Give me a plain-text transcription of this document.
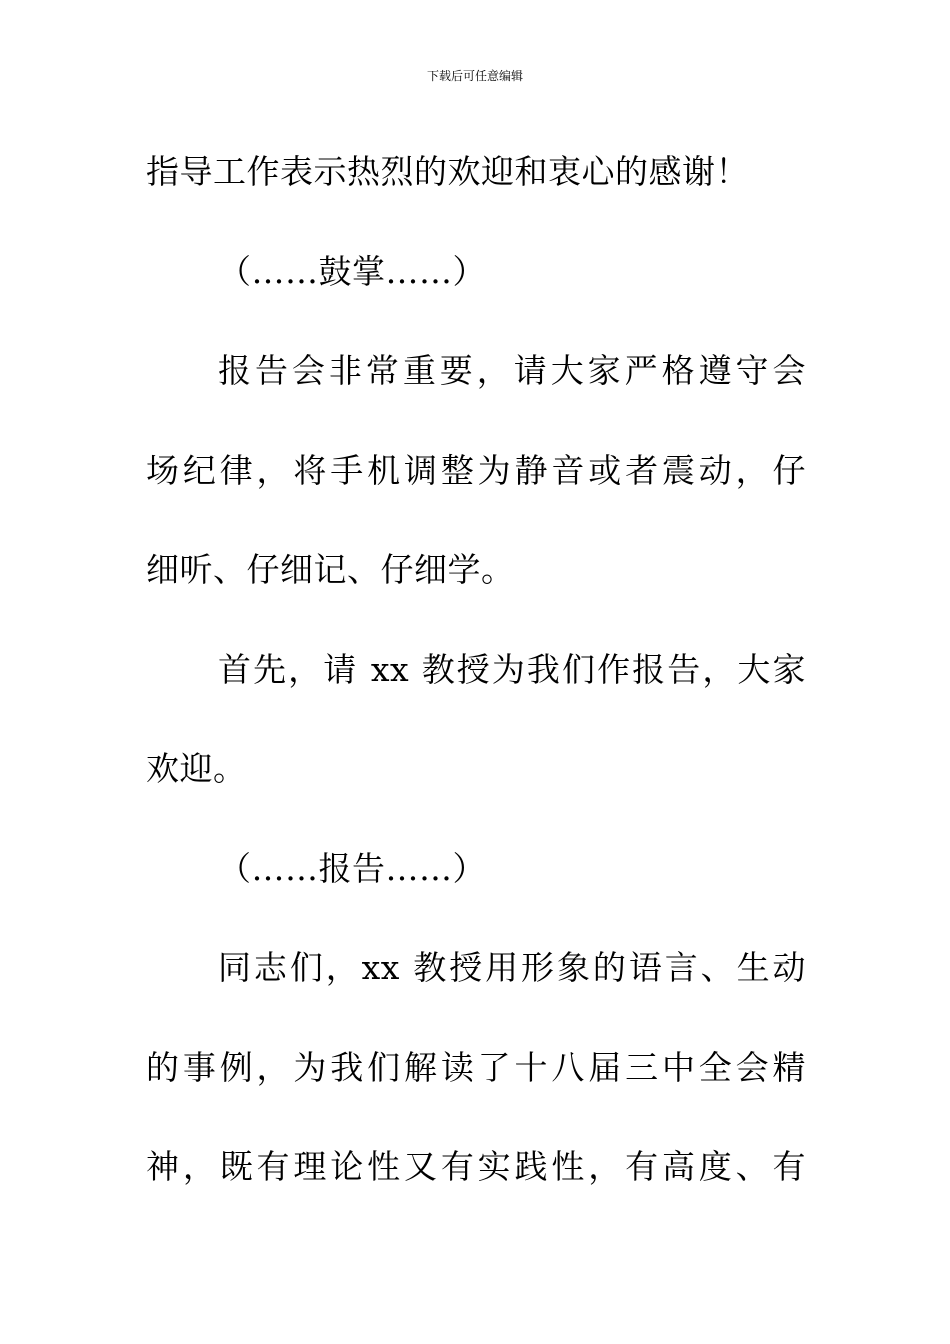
下载后可任意编辑
指导工作表示热烈的欢迎和衷心的感谢！
（……鼓掌……）
报告会非常重要，请大家严格遵守会
场纪律，将手机调整为静音或者震动，仔
细听、仔细记、仔细学。
首先，请 xx 教授为我们作报告，大家
欢迎。
（……报告……）
同志们，xx 教授用形象的语言、生动
的事例，为我们解读了十八届三中全会精
神，既有理论性又有实践性，有高度、有
